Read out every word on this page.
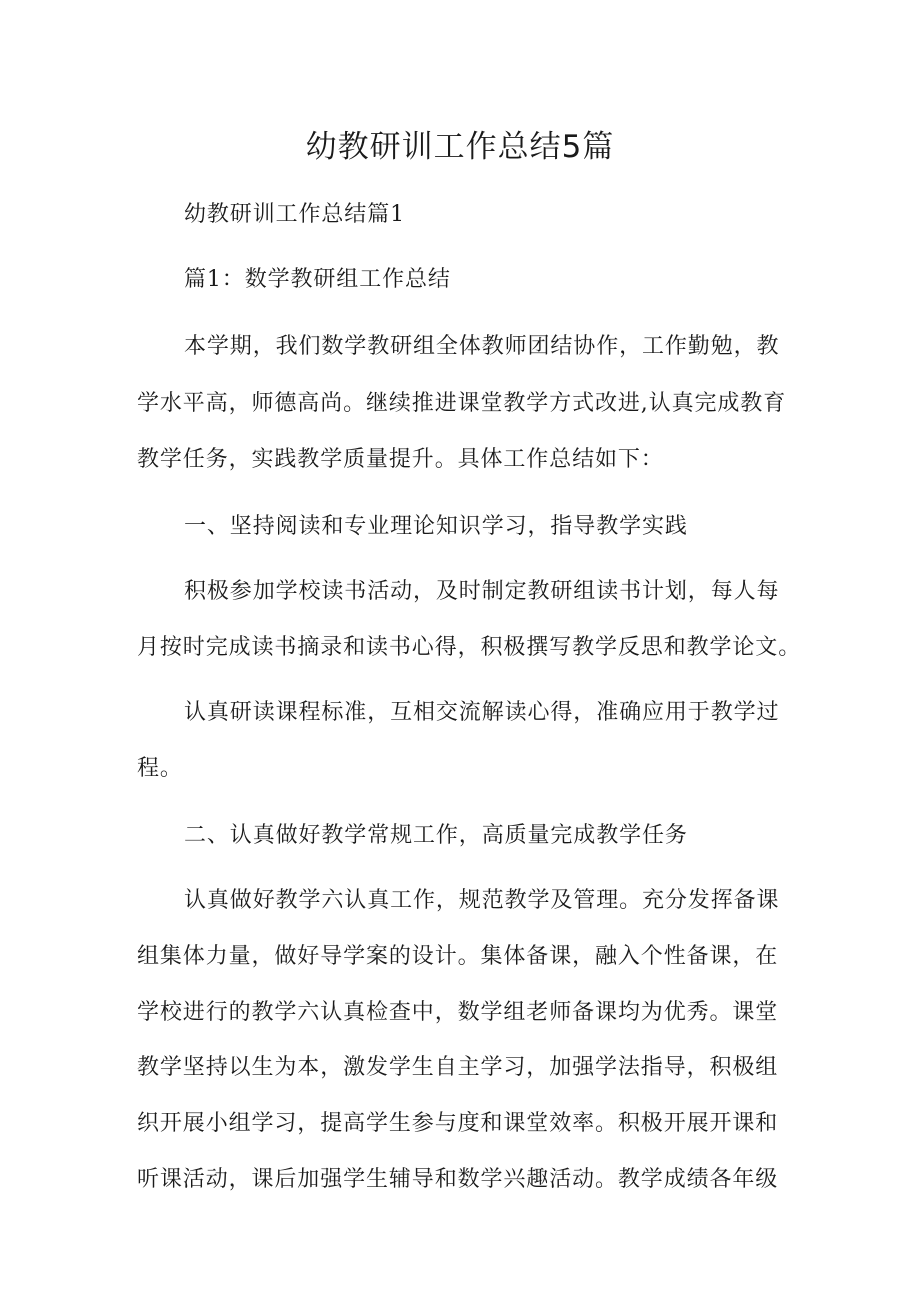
幼教研训工作总结5篇

幼教研训工作总结篇1

篇1：数学教研组工作总结

本学期，我们数学教研组全体教师团结协作，工作勤勉，教

学水平高，师德高尚。继续推进课堂教学方式改进,认真完成教育

教学任务，实践教学质量提升。具体工作总结如下：

一、坚持阅读和专业理论知识学习，指导教学实践

积极参加学校读书活动，及时制定教研组读书计划，每人每

月按时完成读书摘录和读书心得，积极撰写教学反思和教学论文。

认真研读课程标准，互相交流解读心得，准确应用于教学过

程。

二、认真做好教学常规工作，高质量完成教学任务

认真做好教学六认真工作，规范教学及管理。充分发挥备课

组集体力量，做好导学案的设计。集体备课，融入个性备课，在

学校进行的教学六认真检查中，数学组老师备课均为优秀。课堂

教学坚持以生为本，激发学生自主学习，加强学法指导，积极组

织开展小组学习，提高学生参与度和课堂效率。积极开展开课和

听课活动，课后加强学生辅导和数学兴趣活动。教学成绩各年级
